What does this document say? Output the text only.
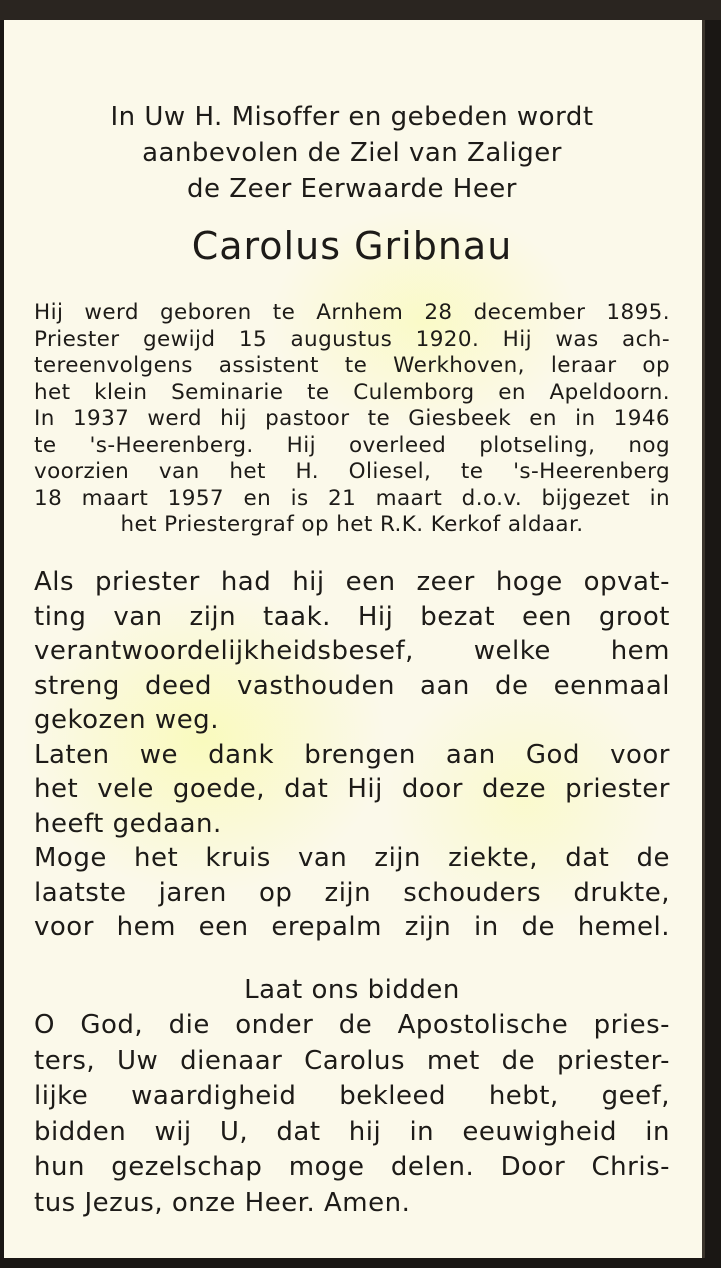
In Uw H. Misoffer en gebeden wordt
aanbevolen de Ziel van Zaliger
de Zeer Eerwaarde Heer
Carolus Gribnau
Hij werd geboren te Arnhem 28 december 1895.
Priester gewijd 15 augustus 1920. Hij was ach-
tereenvolgens assistent te Werkhoven, leraar op
het klein Seminarie te Culemborg en Apeldoorn.
In 1937 werd hij pastoor te Giesbeek en in 1946
te 's-Heerenberg. Hij overleed plotseling, nog
voorzien van het H. Oliesel, te 's-Heerenberg
18 maart 1957 en is 21 maart d.o.v. bijgezet in
het Priestergraf op het R.K. Kerkof aldaar.
Als priester had hij een zeer hoge opvat-
ting van zijn taak. Hij bezat een groot
verantwoordelijkheidsbesef, welke hem
streng deed vasthouden aan de eenmaal
gekozen weg.
Laten we dank brengen aan God voor
het vele goede, dat Hij door deze priester
heeft gedaan.
Moge het kruis van zijn ziekte, dat de
laatste jaren op zijn schouders drukte,
voor hem een erepalm zijn in de hemel.
Laat ons bidden
O God, die onder de Apostolische pries-
ters, Uw dienaar Carolus met de priester-
lijke waardigheid bekleed hebt, geef,
bidden wij U, dat hij in eeuwigheid in
hun gezelschap moge delen. Door Chris-
tus Jezus, onze Heer. Amen.
